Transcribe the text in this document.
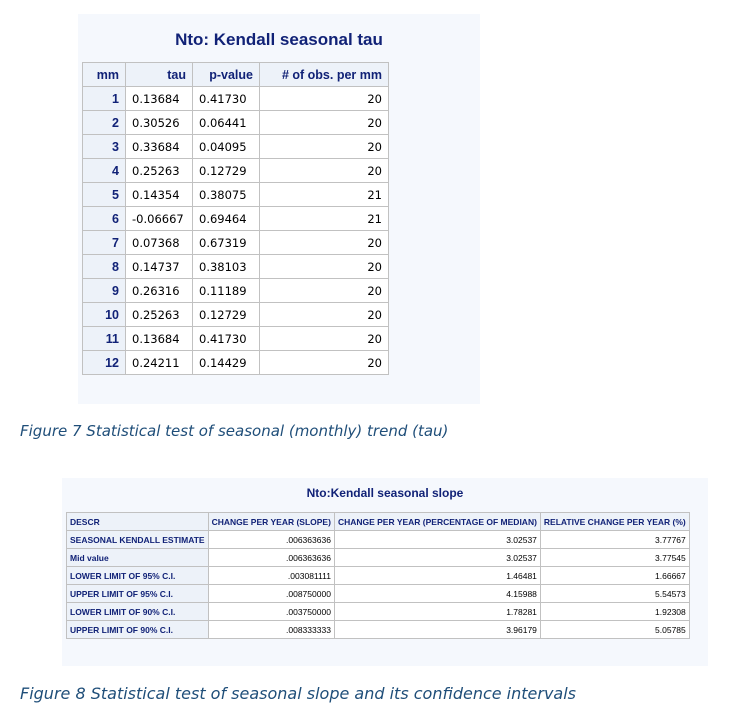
Nto: Kendall seasonal tau
mm	tau	p-value	# of obs. per mm
1	0.13684	0.41730	20
2	0.30526	0.06441	20
3	0.33684	0.04095	20
4	0.25263	0.12729	20
5	0.14354	0.38075	21
6	-0.06667	0.69464	21
7	0.07368	0.67319	20
8	0.14737	0.38103	20
9	0.26316	0.11189	20
10	0.25263	0.12729	20
11	0.13684	0.41730	20
12	0.24211	0.14429	20
Figure 7 Statistical test of seasonal (monthly) trend (tau)
Nto:Kendall seasonal slope
DESCR	CHANGE PER YEAR (SLOPE)	CHANGE PER YEAR (PERCENTAGE OF MEDIAN)	RELATIVE CHANGE PER YEAR (%)
SEASONAL KENDALL ESTIMATE	.006363636	3.02537	3.77767
Mid value	.006363636	3.02537	3.77545
LOWER LIMIT OF 95% C.I.	.003081111	1.46481	1.66667
UPPER LIMIT OF 95% C.I.	.008750000	4.15988	5.54573
LOWER LIMIT OF 90% C.I.	.003750000	1.78281	1.92308
UPPER LIMIT OF 90% C.I.	.008333333	3.96179	5.05785
Figure 8 Statistical test of seasonal slope and its confidence intervals
